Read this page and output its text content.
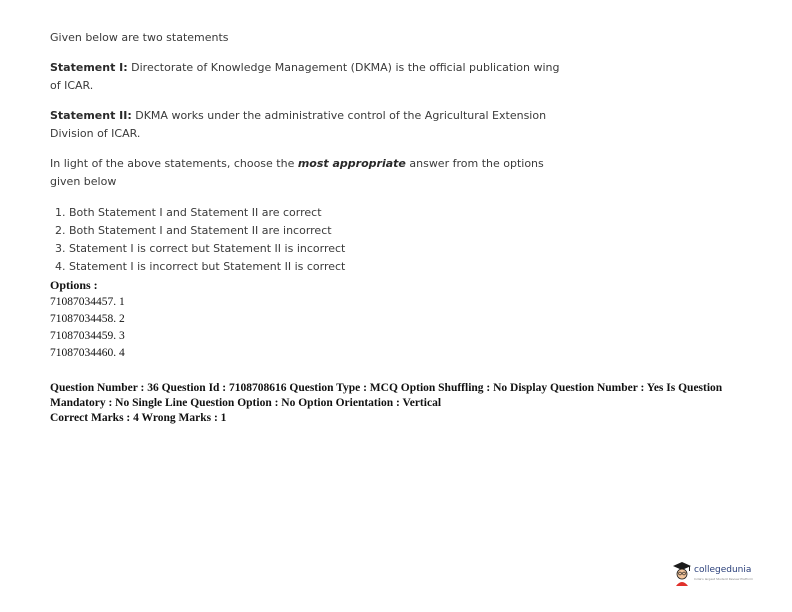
Given below are two statements
Statement I: Directorate of Knowledge Management (DKMA) is the official publication wing of ICAR.
Statement II: DKMA works under the administrative control of the Agricultural Extension Division of ICAR.
In light of the above statements, choose the most appropriate answer from the options given below
1. Both Statement I and Statement II are correct
2. Both Statement I and Statement II are incorrect
3. Statement I is correct but Statement II is incorrect
4. Statement I is incorrect but Statement II is correct
Options :
71087034457. 1
71087034458. 2
71087034459. 3
71087034460. 4
Question Number : 36 Question Id : 7108708616 Question Type : MCQ Option Shuffling : No Display Question Number : Yes Is Question Mandatory : No Single Line Question Option : No Option Orientation : Vertical
Correct Marks : 4 Wrong Marks : 1
collegedunia
India's largest Student Review Platform
